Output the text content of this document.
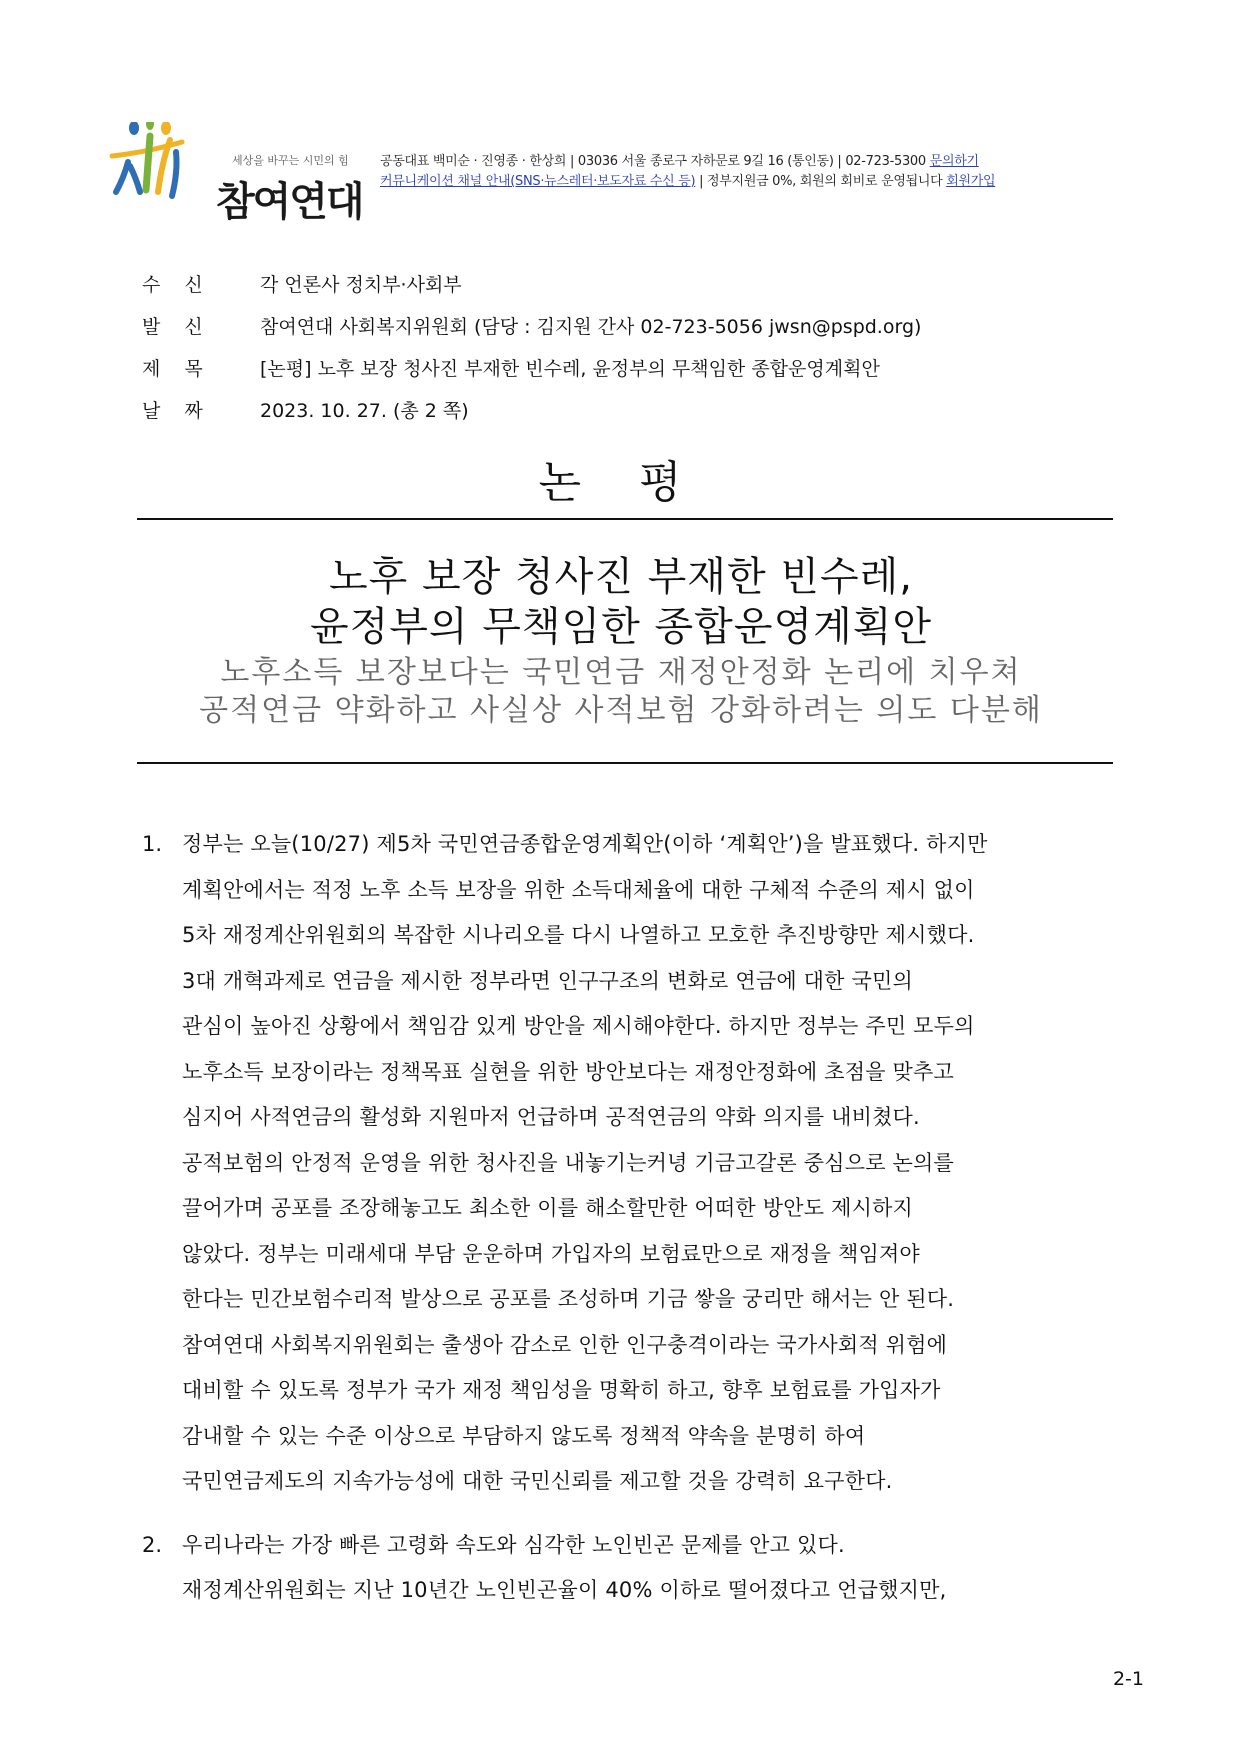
세상을 바꾸는 시민의 힘
참여연대
공동대표 백미순 · 진영종 · 한상희 | 03036 서울 종로구 자하문로 9길 16 (통인동) | 02-723-5300 문의하기
커뮤니케이션 채널 안내(SNS·뉴스레터·보도자료 수신 등) | 정부지원금 0%, 회원의 회비로 운영됩니다 회원가입
수신 각 언론사 정치부·사회부
발신 참여연대 사회복지위원회 (담당 : 김지원 간사 02-723-5056 jwsn@pspd.org)
제목 [논평] 노후 보장 청사진 부재한 빈수레, 윤정부의 무책임한 종합운영계획안
날짜 2023. 10. 27. (총 2 쪽)
논 평
노후 보장 청사진 부재한 빈수레,
윤정부의 무책임한 종합운영계획안
노후소득 보장보다는 국민연금 재정안정화 논리에 치우쳐
공적연금 약화하고 사실상 사적보험 강화하려는 의도 다분해
1. 정부는 오늘(10/27) 제5차 국민연금종합운영계획안(이하 ‘계획안’)을 발표했다. 하지만
계획안에서는 적정 노후 소득 보장을 위한 소득대체율에 대한 구체적 수준의 제시 없이
5차 재정계산위원회의 복잡한 시나리오를 다시 나열하고 모호한 추진방향만 제시했다.
3대 개혁과제로 연금을 제시한 정부라면 인구구조의 변화로 연금에 대한 국민의
관심이 높아진 상황에서 책임감 있게 방안을 제시해야한다. 하지만 정부는 주민 모두의
노후소득 보장이라는 정책목표 실현을 위한 방안보다는 재정안정화에 초점을 맞추고
심지어 사적연금의 활성화 지원마저 언급하며 공적연금의 약화 의지를 내비쳤다.
공적보험의 안정적 운영을 위한 청사진을 내놓기는커녕 기금고갈론 중심으로 논의를
끌어가며 공포를 조장해놓고도 최소한 이를 해소할만한 어떠한 방안도 제시하지
않았다. 정부는 미래세대 부담 운운하며 가입자의 보험료만으로 재정을 책임져야
한다는 민간보험수리적 발상으로 공포를 조성하며 기금 쌓을 궁리만 해서는 안 된다.
참여연대 사회복지위원회는 출생아 감소로 인한 인구충격이라는 국가사회적 위험에
대비할 수 있도록 정부가 국가 재정 책임성을 명확히 하고, 향후 보험료를 가입자가
감내할 수 있는 수준 이상으로 부담하지 않도록 정책적 약속을 분명히 하여
국민연금제도의 지속가능성에 대한 국민신뢰를 제고할 것을 강력히 요구한다.
2. 우리나라는 가장 빠른 고령화 속도와 심각한 노인빈곤 문제를 안고 있다.
재정계산위원회는 지난 10년간 노인빈곤율이 40% 이하로 떨어졌다고 언급했지만,
2-1
